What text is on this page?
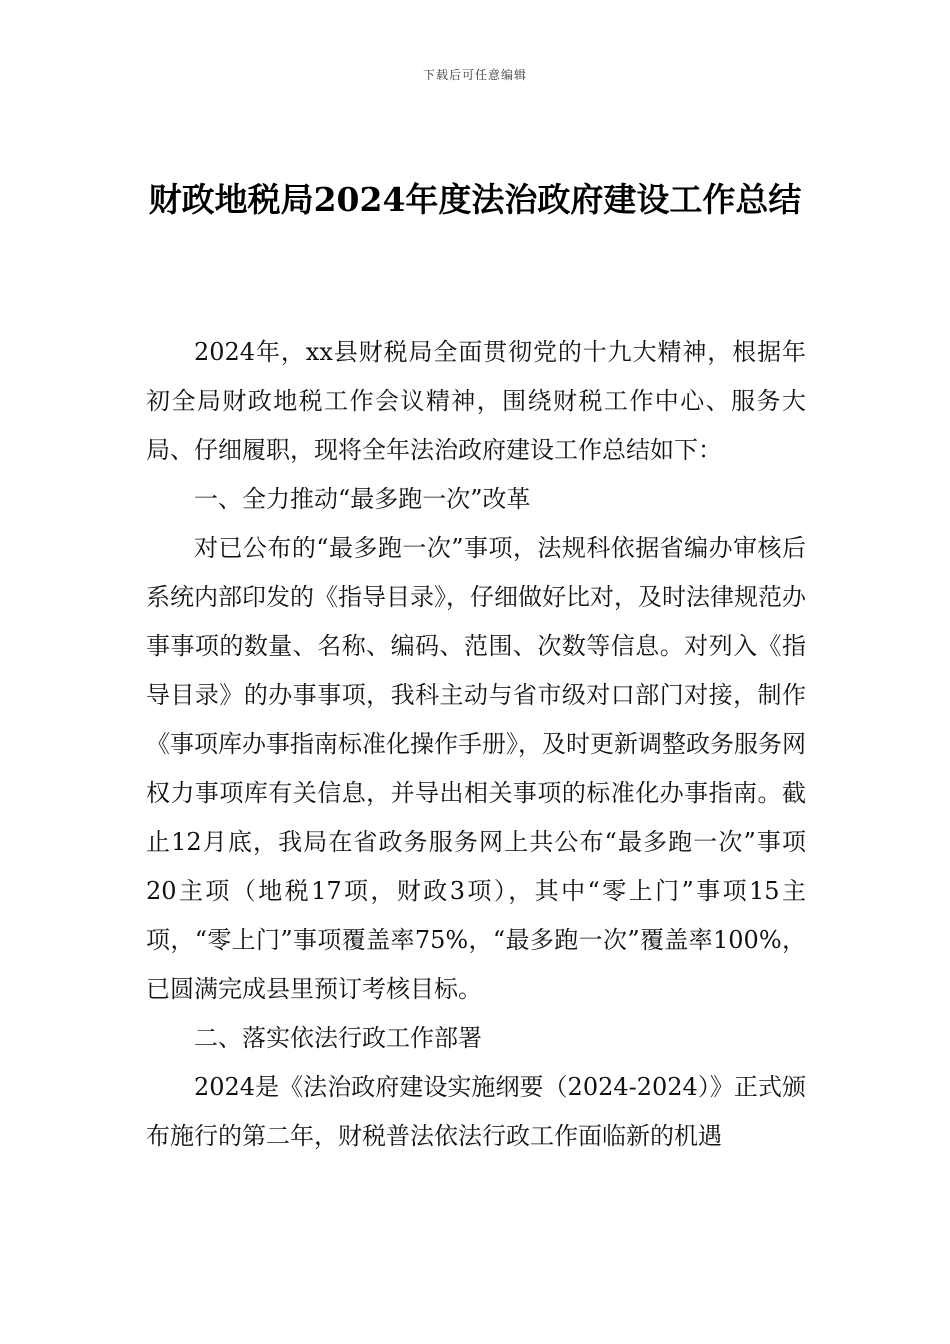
下载后可任意编辑
财政地税局2024年度法治政府建设工作总结

2024年，xx县财税局全面贯彻党的十九大精神，根据年初全局财政地税工作会议精神，围绕财税工作中心、服务大局、仔细履职，现将全年法治政府建设工作总结如下：

一、全力推动“最多跑一次”改革

对已公布的“最多跑一次”事项，法规科依据省编办审核后系统内部印发的《指导目录》，仔细做好比对，及时法律规范办事事项的数量、名称、编码、范围、次数等信息。对列入《指导目录》的办事事项，我科主动与省市级对口部门对接，制作《事项库办事指南标准化操作手册》，及时更新调整政务服务网权力事项库有关信息，并导出相关事项的标准化办事指南。截止12月底，我局在省政务服务网上共公布“最多跑一次”事项20主项（地税17项，财政3项），其中“零上门”事项15主项，“零上门”事项覆盖率75%，“最多跑一次”覆盖率100%，已圆满完成县里预订考核目标。

二、落实依法行政工作部署

2024是《法治政府建设实施纲要（2024-2024）》正式颁布施行的第二年，财税普法依法行政工作面临新的机遇
